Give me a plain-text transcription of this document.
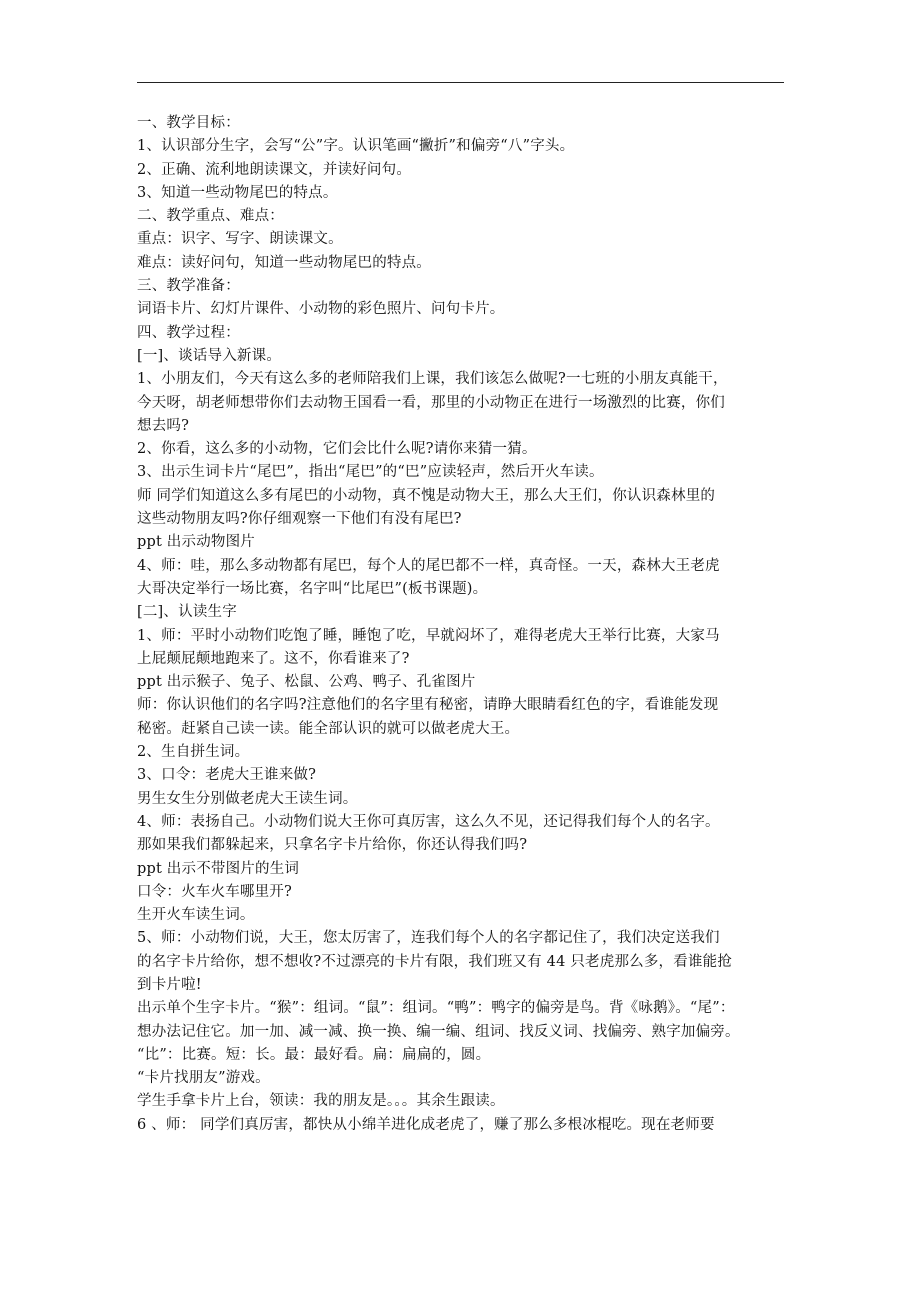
一、教学目标：
1、认识部分生字，会写“公”字。认识笔画“撇折”和偏旁“八”字头。
2、正确、流利地朗读课文，并读好问句。
3、知道一些动物尾巴的特点。
二、教学重点、难点：
重点：识字、写字、朗读课文。
难点：读好问句，知道一些动物尾巴的特点。
三、教学准备：
词语卡片、幻灯片课件、小动物的彩色照片、问句卡片。
四、教学过程：
[一]、谈话导入新课。
1、小朋友们，今天有这么多的老师陪我们上课，我们该怎么做呢?一七班的小朋友真能干，
今天呀，胡老师想带你们去动物王国看一看，那里的小动物正在进行一场激烈的比赛，你们
想去吗?
2、你看，这么多的小动物，它们会比什么呢?请你来猜一猜。
3、出示生词卡片“尾巴”，指出“尾巴”的“巴”应读轻声，然后开火车读。
师 同学们知道这么多有尾巴的小动物，真不愧是动物大王，那么大王们，你认识森林里的
这些动物朋友吗?你仔细观察一下他们有没有尾巴?
ppt 出示动物图片
4、师：哇，那么多动物都有尾巴，每个人的尾巴都不一样，真奇怪。一天，森林大王老虎
大哥决定举行一场比赛，名字叫“比尾巴”(板书课题)。
[二]、认读生字
1、师：平时小动物们吃饱了睡，睡饱了吃，早就闷坏了，难得老虎大王举行比赛，大家马
上屁颠屁颠地跑来了。这不，你看谁来了?
ppt 出示猴子、兔子、松鼠、公鸡、鸭子、孔雀图片
师：你认识他们的名字吗?注意他们的名字里有秘密，请睁大眼睛看红色的字，看谁能发现
秘密。赶紧自己读一读。能全部认识的就可以做老虎大王。
2、生自拼生词。
3、口令：老虎大王谁来做?
男生女生分别做老虎大王读生词。
4、师：表扬自己。小动物们说大王你可真厉害，这么久不见，还记得我们每个人的名字。
那如果我们都躲起来，只拿名字卡片给你，你还认得我们吗?
ppt 出示不带图片的生词
口令：火车火车哪里开?
生开火车读生词。
5、师：小动物们说，大王，您太厉害了，连我们每个人的名字都记住了，我们决定送我们
的名字卡片给你，想不想收?不过漂亮的卡片有限，我们班又有 44 只老虎那么多，看谁能抢
到卡片啦!
出示单个生字卡片。“猴”：组词。“鼠”：组词。“鸭”：鸭字的偏旁是鸟。背《咏鹅》。“尾”：
想办法记住它。加一加、减一减、换一换、编一编、组词、找反义词、找偏旁、熟字加偏旁。
“比”：比赛。短：长。最：最好看。扁：扁扁的，圆。
“卡片找朋友”游戏。
学生手拿卡片上台，领读：我的朋友是。。。其余生跟读。
6 、师： 同学们真厉害，都快从小绵羊进化成老虎了，赚了那么多根冰棍吃。现在老师要
